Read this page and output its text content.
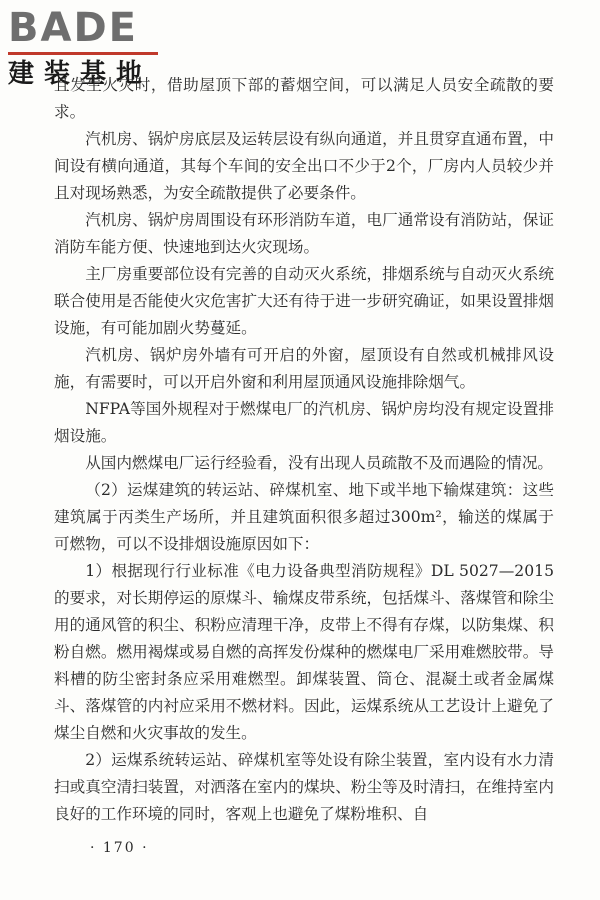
BADE
建装基地

且发生火灾时，借助屋顶下部的蓄烟空间，可以满足人员安全疏散的要求。

汽机房、锅炉房底层及运转层设有纵向通道，并且贯穿直通布置，中间设有横向通道，其每个车间的安全出口不少于2个，厂房内人员较少并且对现场熟悉，为安全疏散提供了必要条件。

汽机房、锅炉房周围设有环形消防车道，电厂通常设有消防站，保证消防车能方便、快速地到达火灾现场。

主厂房重要部位设有完善的自动灭火系统，排烟系统与自动灭火系统联合使用是否能使火灾危害扩大还有待于进一步研究确证，如果设置排烟设施，有可能加剧火势蔓延。

汽机房、锅炉房外墙有可开启的外窗，屋顶设有自然或机械排风设施，有需要时，可以开启外窗和利用屋顶通风设施排除烟气。

NFPA等国外规程对于燃煤电厂的汽机房、锅炉房均没有规定设置排烟设施。

从国内燃煤电厂运行经验看，没有出现人员疏散不及而遇险的情况。

（2）运煤建筑的转运站、碎煤机室、地下或半地下输煤建筑：这些建筑属于丙类生产场所，并且建筑面积很多超过300m²，输送的煤属于可燃物，可以不设排烟设施原因如下：

1）根据现行行业标准《电力设备典型消防规程》DL 5027—2015的要求，对长期停运的原煤斗、输煤皮带系统，包括煤斗、落煤管和除尘用的通风管的积尘、积粉应清理干净，皮带上不得有存煤，以防集煤、积粉自燃。燃用褐煤或易自燃的高挥发份煤种的燃煤电厂采用难燃胶带。导料槽的防尘密封条应采用难燃型。卸煤装置、筒仓、混凝土或者金属煤斗、落煤管的内衬应采用不燃材料。因此，运煤系统从工艺设计上避免了煤尘自燃和火灾事故的发生。

2）运煤系统转运站、碎煤机室等处设有除尘装置，室内设有水力清扫或真空清扫装置，对洒落在室内的煤块、粉尘等及时清扫，在维持室内良好的工作环境的同时，客观上也避免了煤粉堆积、自

· 170 ·
